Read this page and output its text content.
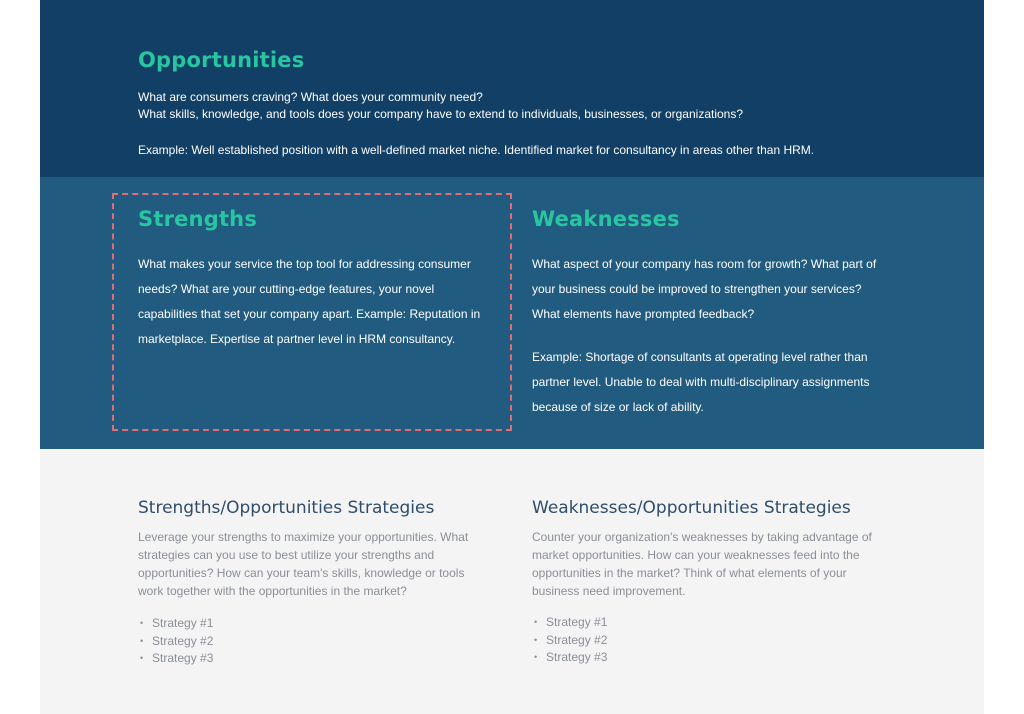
Opportunities

What are consumers craving? What does your community need?

What skills, knowledge, and tools does your company have to extend to individuals, businesses, or organizations?

Example: Well established position with a well-defined market niche. Identified market for consultancy in areas other than HRM.

Strengths

What makes your service the top tool for addressing consumer needs? What are your cutting-edge features, your novel capabilities that set your company apart. Example: Reputation in marketplace. Expertise at partner level in HRM consultancy.

Weaknesses

What aspect of your company has room for growth? What part of your business could be improved to strengthen your services? What elements have prompted feedback?

Example: Shortage of consultants at operating level rather than partner level. Unable to deal with multi-disciplinary assignments because of size or lack of ability.

Strengths/Opportunities Strategies

Leverage your strengths to maximize your opportunities. What strategies can you use to best utilize your strengths and opportunities? How can your team's skills, knowledge or tools work together with the opportunities in the market?

• Strategy #1
• Strategy #2
• Strategy #3
Weaknesses/Opportunities Strategies

Counter your organization's weaknesses by taking advantage of market opportunities. How can your weaknesses feed into the opportunities in the market? Think of what elements of your business need improvement.

• Strategy #1
• Strategy #2
• Strategy #3
